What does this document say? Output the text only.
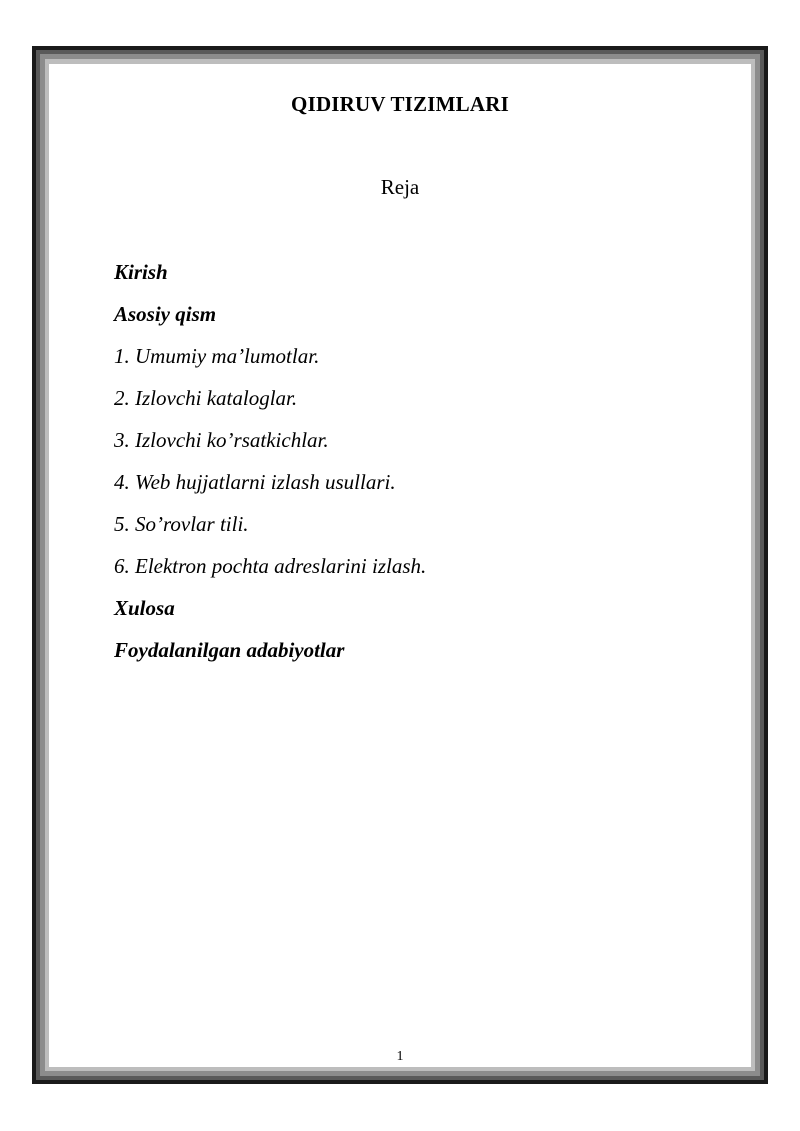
QIDIRUV TIZIMLARI
Reja
Kirish
Asosiy qism
1. Umumiy ma’lumotlar.
2. Izlovchi kataloglar.
3. Izlovchi ko’rsatkichlar.
4. Web hujjatlarni izlash usullari.
5. So’rovlar tili.
6. Elektron pochta adreslarini izlash.
Xulosa
Foydalanilgan adabiyotlar
1
